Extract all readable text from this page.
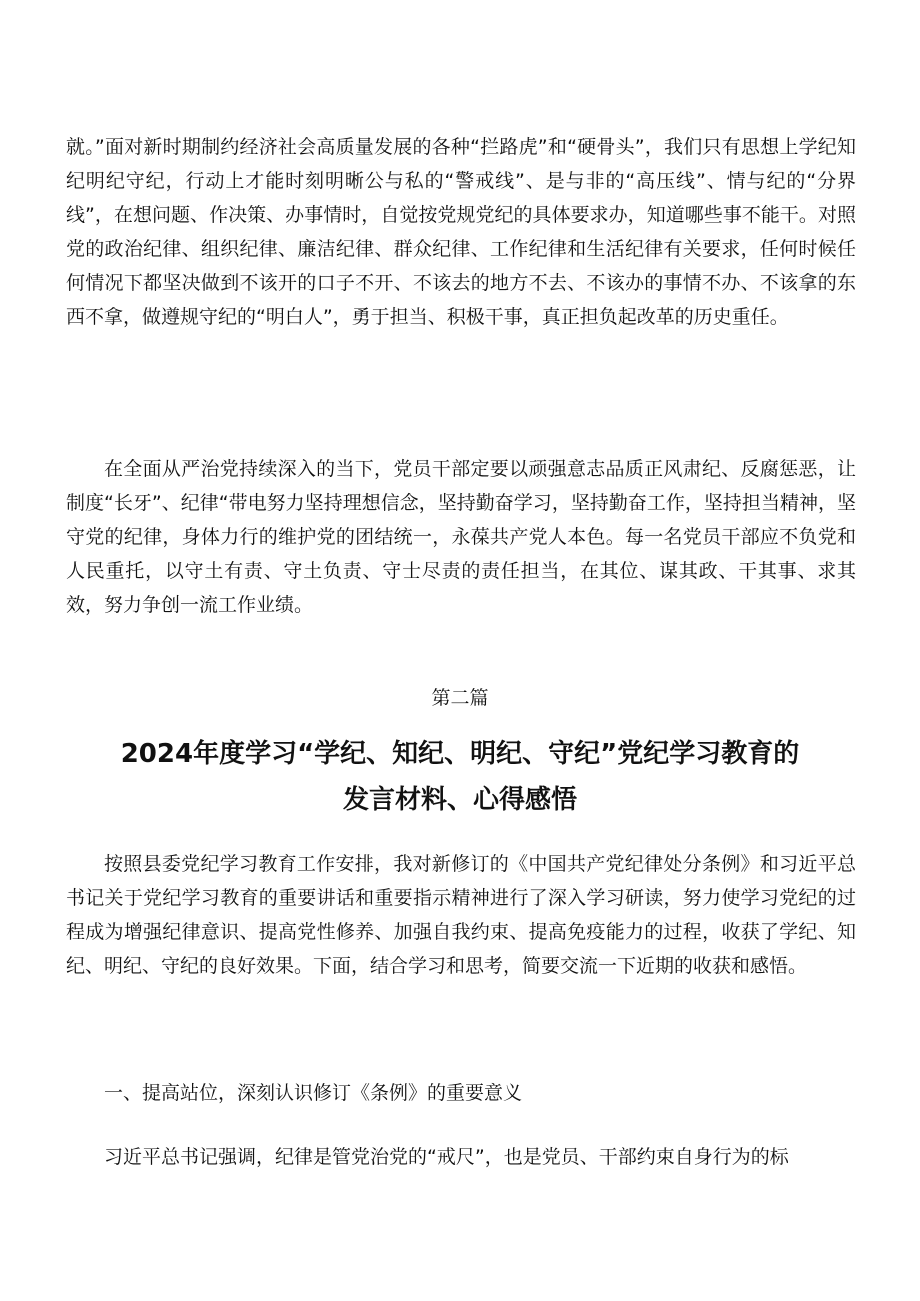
就。”面对新时期制约经济社会高质量发展的各种“拦路虎”和“硬骨头”，我们只有思想上学纪知纪明纪守纪，行动上才能时刻明晰公与私的“警戒线”、是与非的“高压线”、情与纪的“分界线”，在想问题、作决策、办事情时，自觉按党规党纪的具体要求办，知道哪些事不能干。对照党的政治纪律、组织纪律、廉洁纪律、群众纪律、工作纪律和生活纪律有关要求，任何时候任何情况下都坚决做到不该开的口子不开、不该去的地方不去、不该办的事情不办、不该拿的东西不拿，做遵规守纪的“明白人”，勇于担当、积极干事，真正担负起改革的历史重任。

在全面从严治党持续深入的当下，党员干部定要以顽强意志品质正风肃纪、反腐惩恶，让制度“长牙”、纪律“带电努力坚持理想信念，坚持勤奋学习，坚持勤奋工作，坚持担当精神，坚守党的纪律，身体力行的维护党的团结统一，永葆共产党人本色。每一名党员干部应不负党和人民重托，以守土有责、守土负责、守士尽责的责任担当，在其位、谋其政、干其事、求其效，努力争创一流工作业绩。

第二篇
2024年度学习“学纪、知纪、明纪、守纪”党纪学习教育的
发言材料、心得感悟

按照县委党纪学习教育工作安排，我对新修订的《中国共产党纪律处分条例》和习近平总书记关于党纪学习教育的重要讲话和重要指示精神进行了深入学习研读，努力使学习党纪的过程成为增强纪律意识、提高党性修养、加强自我约束、提高免疫能力的过程，收获了学纪、知纪、明纪、守纪的良好效果。下面，结合学习和思考，简要交流一下近期的收获和感悟。

一、提高站位，深刻认识修订《条例》的重要意义

习近平总书记强调，纪律是管党治党的“戒尺”，也是党员、干部约束自身行为的标
